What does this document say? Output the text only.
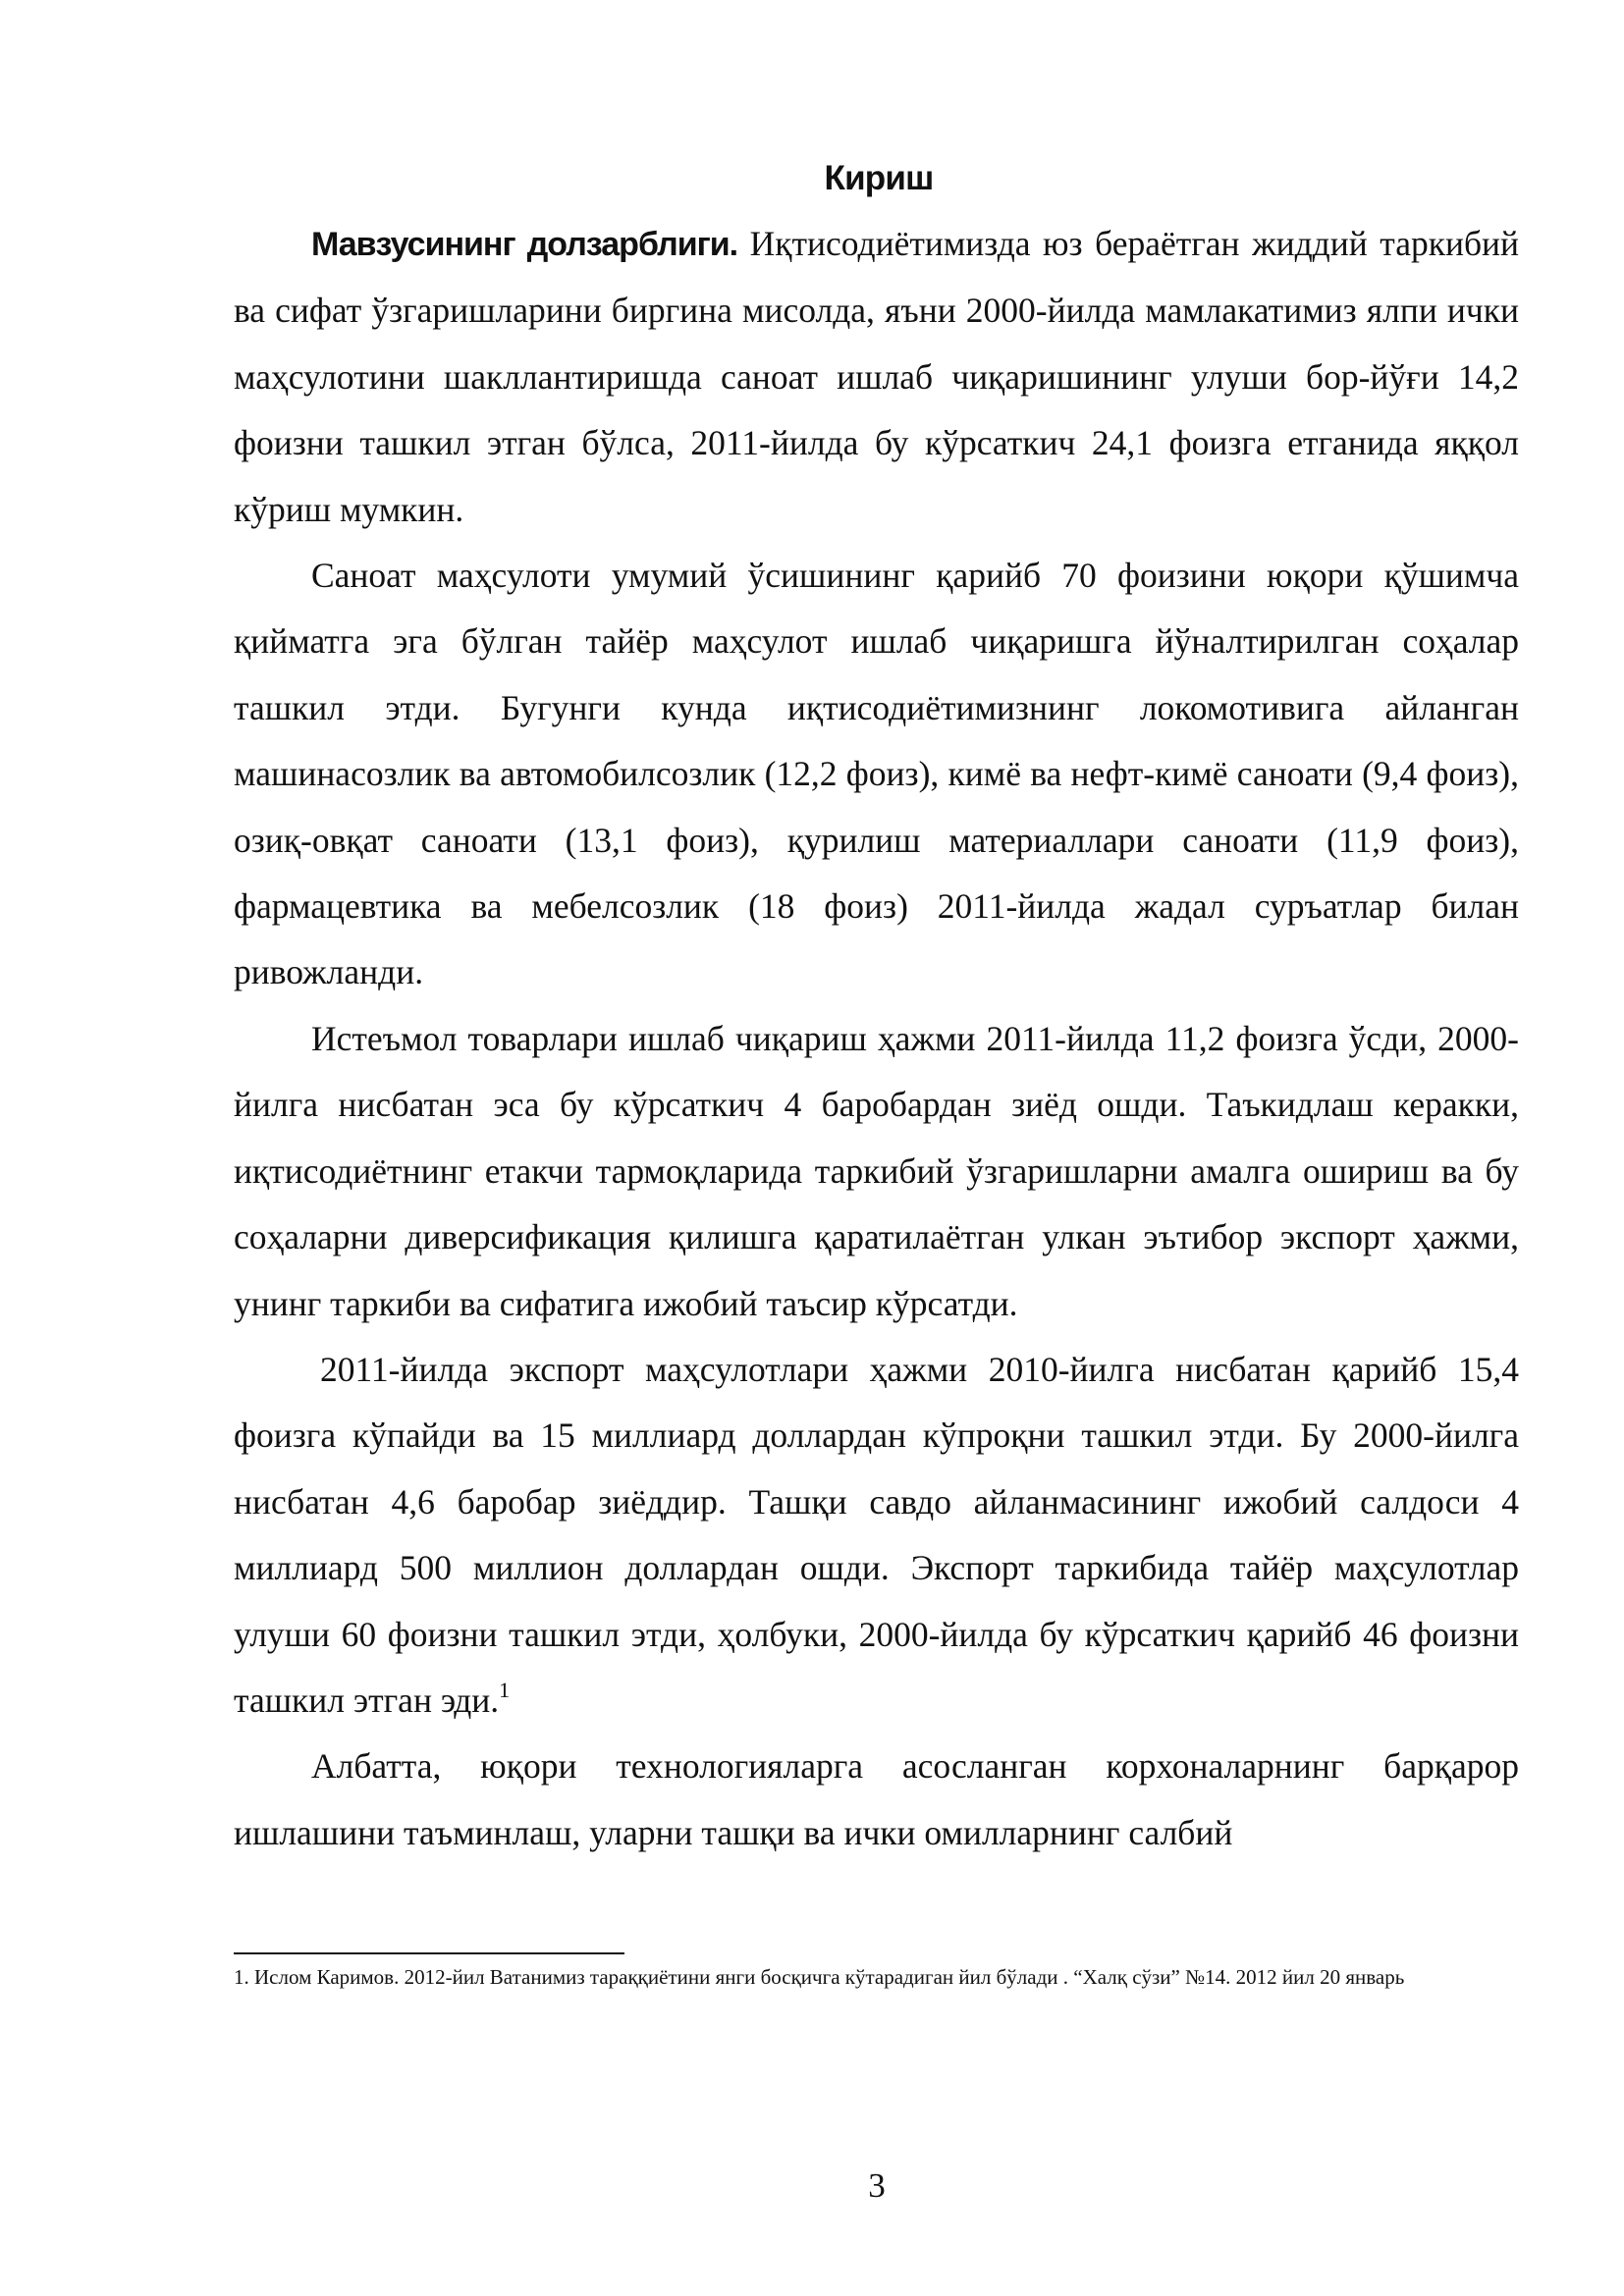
Кириш

Мавзусининг долзарблиги. Иқтисодиётимизда юз бераётган жиддий таркибий ва сифат ўзгаришларини биргина мисолда, яъни 2000-йилда мамлакатимиз ялпи ички маҳсулотини шакллантиришда саноат ишлаб чиқаришининг улуши бор-йўғи 14,2 фоизни ташкил этган бўлса, 2011-йилда бу кўрсаткич 24,1 фоизга етганида яққол кўриш мумкин.

Саноат маҳсулоти умумий ўсишининг қарийб 70 фоизини юқори қўшимча қийматга эга бўлган тайёр маҳсулот ишлаб чиқаришга йўналтирилган соҳалар ташкил этди. Бугунги кунда иқтисодиётимизнинг локомотивига айланган машинасозлик ва автомобилсозлик (12,2 фоиз), кимё ва нефт-кимё саноати (9,4 фоиз), озиқ-овқат саноати (13,1 фоиз), қурилиш материаллари саноати (11,9 фоиз), фармацевтика ва мебелсозлик (18 фоиз) 2011-йилда жадал суръатлар билан ривожланди.

Истеъмол товарлари ишлаб чиқариш ҳажми 2011-йилда 11,2 фоизга ўсди, 2000-йилга нисбатан эса бу кўрсаткич 4 баробардан зиёд ошди. Таъкидлаш керакки, иқтисодиётнинг етакчи тармоқларида таркибий ўзгаришларни амалга ошириш ва бу соҳаларни диверсификация қилишга қаратилаётган улкан эътибор экспорт ҳажми, унинг таркиби ва сифатига ижобий таъсир кўрсатди.

2011-йилда экспорт маҳсулотлари ҳажми 2010-йилга нисбатан қарийб 15,4 фоизга кўпайди ва 15 миллиард доллардан кўпроқни ташкил этди. Бу 2000-йилга нисбатан 4,6 баробар зиёддир. Ташқи савдо айланмасининг ижобий салдоси 4 миллиард 500 миллион доллардан ошди. Экспорт таркибида тайёр маҳсулотлар улуши 60 фоизни ташкил этди, ҳолбуки, 2000-йилда бу кўрсаткич қарийб 46 фоизни ташкил этган эди.$^1$

Албатта, юқори технологияларга асосланган корхоналарнинг барқарор ишлашини таъминлаш, уларни ташқи ва ички омилларнинг салбий

1. Ислом Каримов. 2012-йил Ватанимиз тараққиётини янги босқичга кўтарадиган йил бўлади . “Халқ сўзи” №14. 2012 йил 20 январь

3
